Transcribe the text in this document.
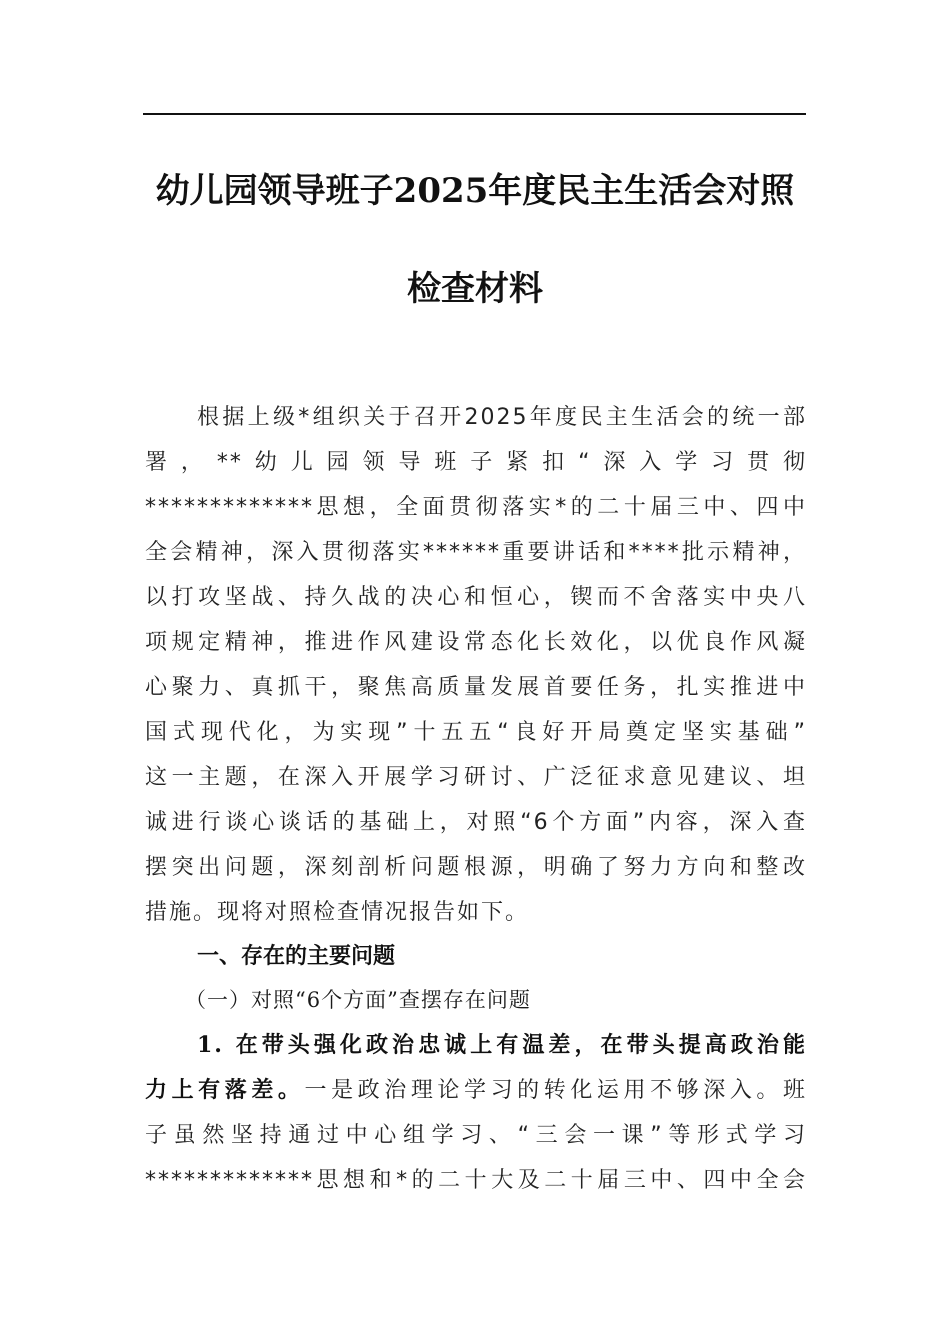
幼儿园领导班子2025年度民主生活会对照
检查材料
根据上级*组织关于召开2025年度民主生活会的统一部
署，**幼儿园领导班子紧扣“深入学习贯彻
*************思想，全面贯彻落实*的二十届三中、四中
全会精神，深入贯彻落实******重要讲话和****批示精神，
以打攻坚战、持久战的决心和恒心，锲而不舍落实中央八
项规定精神，推进作风建设常态化长效化，以优良作风凝
心聚力、真抓干，聚焦高质量发展首要任务，扎实推进中
国式现代化，为实现”十五五“良好开局奠定坚实基础”
这一主题，在深入开展学习研讨、广泛征求意见建议、坦
诚进行谈心谈话的基础上，对照“6个方面”内容，深入查
摆突出问题，深刻剖析问题根源，明确了努力方向和整改
措施。现将对照检查情况报告如下。
一、存在的主要问题
（一）对照“6个方面”查摆存在问题
1. 在带头强化政治忠诚上有温差，在带头提高政治能
力上有落差。一是政治理论学习的转化运用不够深入。班
子虽然坚持通过中心组学习、“三会一课”等形式学习
*************思想和*的二十大及二十届三中、四中全会
